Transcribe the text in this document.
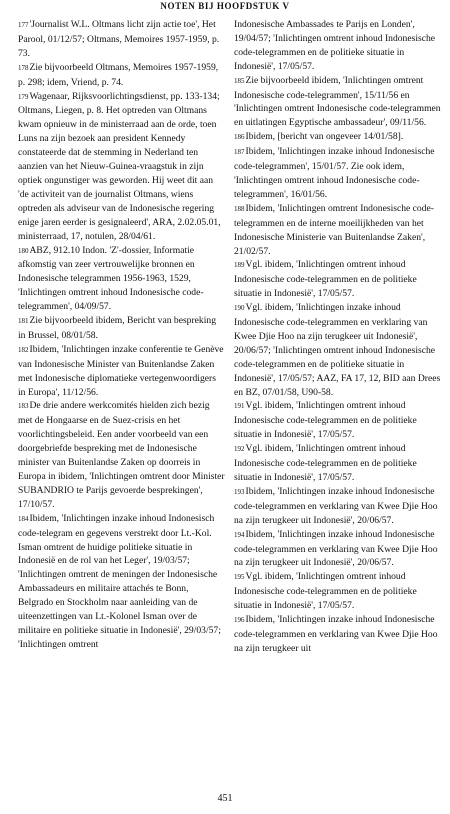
NOTEN BIJ HOOFDSTUK V

177'Journalist W.L. Oltmans licht zijn actie toe', Het Parool, 01/12/57; Oltmans, Memoires 1957-1959, p. 73.

178Zie bijvoorbeeld Oltmans, Memoires 1957-1959, p. 298; idem, Vriend, p. 74.

179Wagenaar, Rijksvoorlichtingsdienst, pp. 133-134; Oltmans, Liegen, p. 8. Het optreden van Oltmans kwam opnieuw in de ministerraad aan de orde, toen Luns na zijn bezoek aan president Kennedy constateerde dat de stemming in Nederland ten aanzien van het Nieuw-Guinea-vraagstuk in zijn optiek ongunstiger was geworden. Hij weet dit aan 'de activiteit van de journalist Oltmans, wiens optreden als adviseur van de Indonesische regering enige jaren eerder is gesignaleerd', ARA, 2.02.05.01, ministerraad, 17, notulen, 28/04/61.

180ABZ, 912.10 Indon. 'Z'-dossier, Informatie afkomstig van zeer vertrouwelijke bronnen en Indonesische telegrammen 1956-1963, 1529, 'Inlichtingen omtrent inhoud Indonesische code-telegrammen', 04/09/57.

181Zie bijvoorbeeld ibidem, Bericht van bespreking in Brussel, 08/01/58.

182Ibidem, 'Inlichtingen inzake conferentie te Genève van Indonesische Minister van Buitenlandse Zaken met Indonesische diplomatieke vertegenwoordigers in Europa', 11/12/56.

183De drie andere werkcomités hielden zich bezig met de Hongaarse en de Suez-crisis en het voorlichtingsbeleid. Een ander voorbeeld van een doorgebriefde bespreking met de Indonesische minister van Buitenlandse Zaken op doorreis in Europa in ibidem, 'Inlichtingen omtrent door Minister SUBANDRIO te Parijs gevoerde besprekingen', 17/10/57.

184Ibidem, 'Inlichtingen inzake inhoud Indonesisch code-telegram en gegevens verstrekt door Lt.-Kol. Isman omtrent de huidige politieke situatie in Indonesië en de rol van het Leger', 19/03/57; 'Inlichtingen omtrent de meningen der Indonesische Ambassadeurs en militaire attachés te Bonn, Belgrado en Stockholm naar aanleiding van de uiteenzettingen van Lt.-Kolonel Isman over de militaire en politieke situatie in Indonesië', 29/03/57; 'Inlichtingen omtrent

Indonesische Ambassades te Parijs en Londen', 19/04/57; 'Inlichtingen omtrent inhoud Indonesische code-telegrammen en de politieke situatie in Indonesië', 17/05/57.

185Zie bijvoorbeeld ibidem, 'Inlichtingen omtrent Indonesische code-telegrammen', 15/11/56 en 'Inlichtingen omtrent Indonesische code-telegrammen en uitlatingen Egyptische ambassadeur', 09/11/56.

186Ibidem, [bericht van ongeveer 14/01/58].

187Ibidem, 'Inlichtingen inzake inhoud Indonesische code-telegrammen', 15/01/57. Zie ook idem, 'Inlichtingen omtrent inhoud Indonesische code-telegrammen', 16/01/56.

188Ibidem, 'Inlichtingen omtrent Indonesische code-telegrammen en de interne moeilijkheden van het Indonesische Ministerie van Buitenlandse Zaken', 21/02/57.

189Vgl. ibidem, 'Inlichtingen omtrent inhoud Indonesische code-telegrammen en de politieke situatie in Indonesië', 17/05/57.

190Vgl. ibidem, 'Inlichtingen inzake inhoud Indonesische code-telegrammen en verklaring van Kwee Djie Hoo na zijn terugkeer uit Indonesië', 20/06/57; 'Inlichtingen omtrent inhoud Indonesische code-telegrammen en de politieke situatie in Indonesië', 17/05/57; AAZ, FA 17, 12, BID aan Drees en BZ, 07/01/58, U90-58.

191Vgl. ibidem, 'Inlichtingen omtrent inhoud Indonesische code-telegrammen en de politieke situatie in Indonesië', 17/05/57.

192Vgl. ibidem, 'Inlichtingen omtrent inhoud Indonesische code-telegrammen en de politieke situatie in Indonesië', 17/05/57.

193Ibidem, 'Inlichtingen inzake inhoud Indonesische code-telegrammen en verklaring van Kwee Djie Hoo na zijn terugkeer uit Indonesië', 20/06/57.

194Ibidem, 'Inlichtingen inzake inhoud Indonesische code-telegrammen en verklaring van Kwee Djie Hoo na zijn terugkeer uit Indonesië', 20/06/57.

195Vgl. ibidem, 'Inlichtingen omtrent inhoud Indonesische code-telegrammen en de politieke situatie in Indonesië', 17/05/57.

196Ibidem, 'Inlichtingen inzake inhoud Indonesische code-telegrammen en verklaring van Kwee Djie Hoo na zijn terugkeer uit

451
